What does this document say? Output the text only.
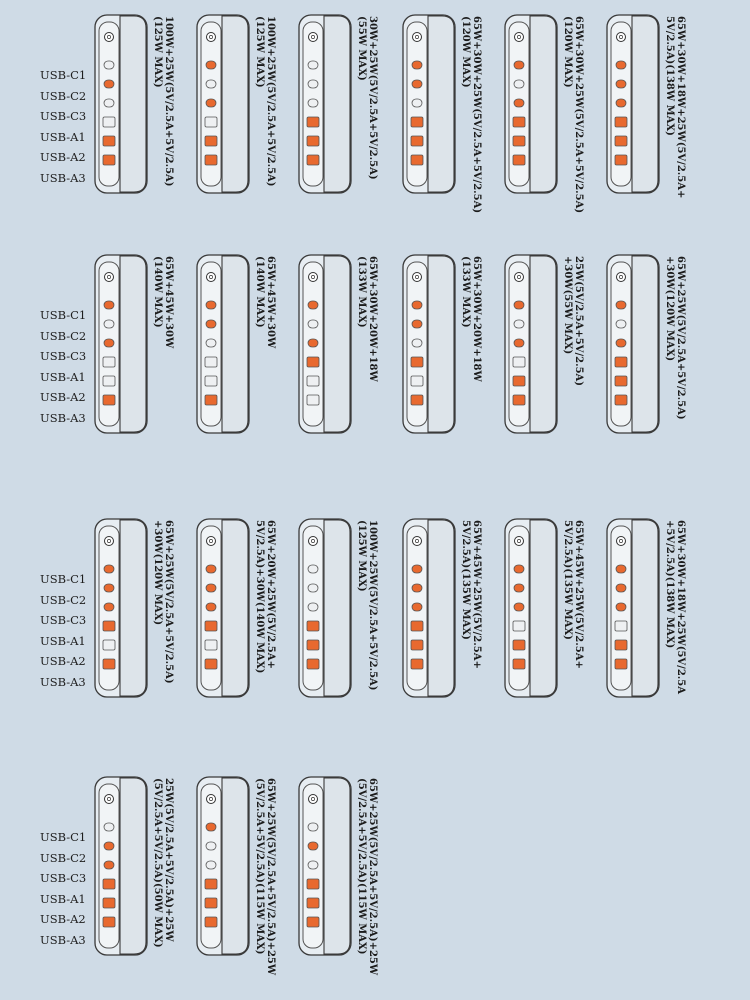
USB-C1
USB-C2
USB-C3
USB-A1
USB-A2
USB-A3	100W+25W(5V/2.5A+5V/2.5A)
(125W MAX)	100W+25W(5V/2.5A+5V/2.5A)
(125W MAX)	30W+25W(5V/2.5A+5V/2.5A)
(55W MAX)	65W+30W+25W(5V/2.5A+5V/2.5A)
(120W MAX)	65W+30W+25W(5V/2.5A+5V/2.5A)
(120W MAX)	65W+30W+18W+25W(5V/2.5A+
5V/2.5A)(138W MAX)
USB-C1
USB-C2
USB-C3
USB-A1
USB-A2
USB-A3
65W+45W+30W
(140W MAX)	65W+45W+30W
(140W MAX)	65W+30W+20W+18W
(133W MAX)	65W+30W+20W+18W
(133W MAX)	25W(5V/2.5A+5V/2.5A)
+30W(55W MAX)	65W+25W(5V/2.5A+5V/2.5A)
+30W(120W MAX)
USB-C1
USB-C2
USB-C3
USB-A1
USB-A2
USB-A3	65W+25W(5V/2.5A+5V/2.5A)
+30W(120W MAX)	65W+20W+25W(5V/2.5A+
5V/2.5A)+30W(140W MAX)	100W+25W(5V/2.5A+5V/2.5A)
(125W MAX)	65W+45W+25W(5V/2.5A+
5V/2.5A)(135W MAX)	65W+45W+25W(5V/2.5A+
5V/2.5A)(135W MAX)	65W+30W+18W+25W(5V/2.5A
+5V/2.5A)(138W MAX)
USB-C1
USB-C2
USB-C3
USB-A1
USB-A2
USB-A3	25W(5V/2.5A+5V/2.5A)+25W
(5V/2.5A+5V/2.5A)(50W MAX)	65W+25W(5V/2.5A+5V/2.5A)+25W
(5V/2.5A+5V/2.5A)(115W MAX)	65W+25W(5V/2.5A+5V/2.5A)+25W
(5V/2.5A+5V/2.5A)(115W MAX)
